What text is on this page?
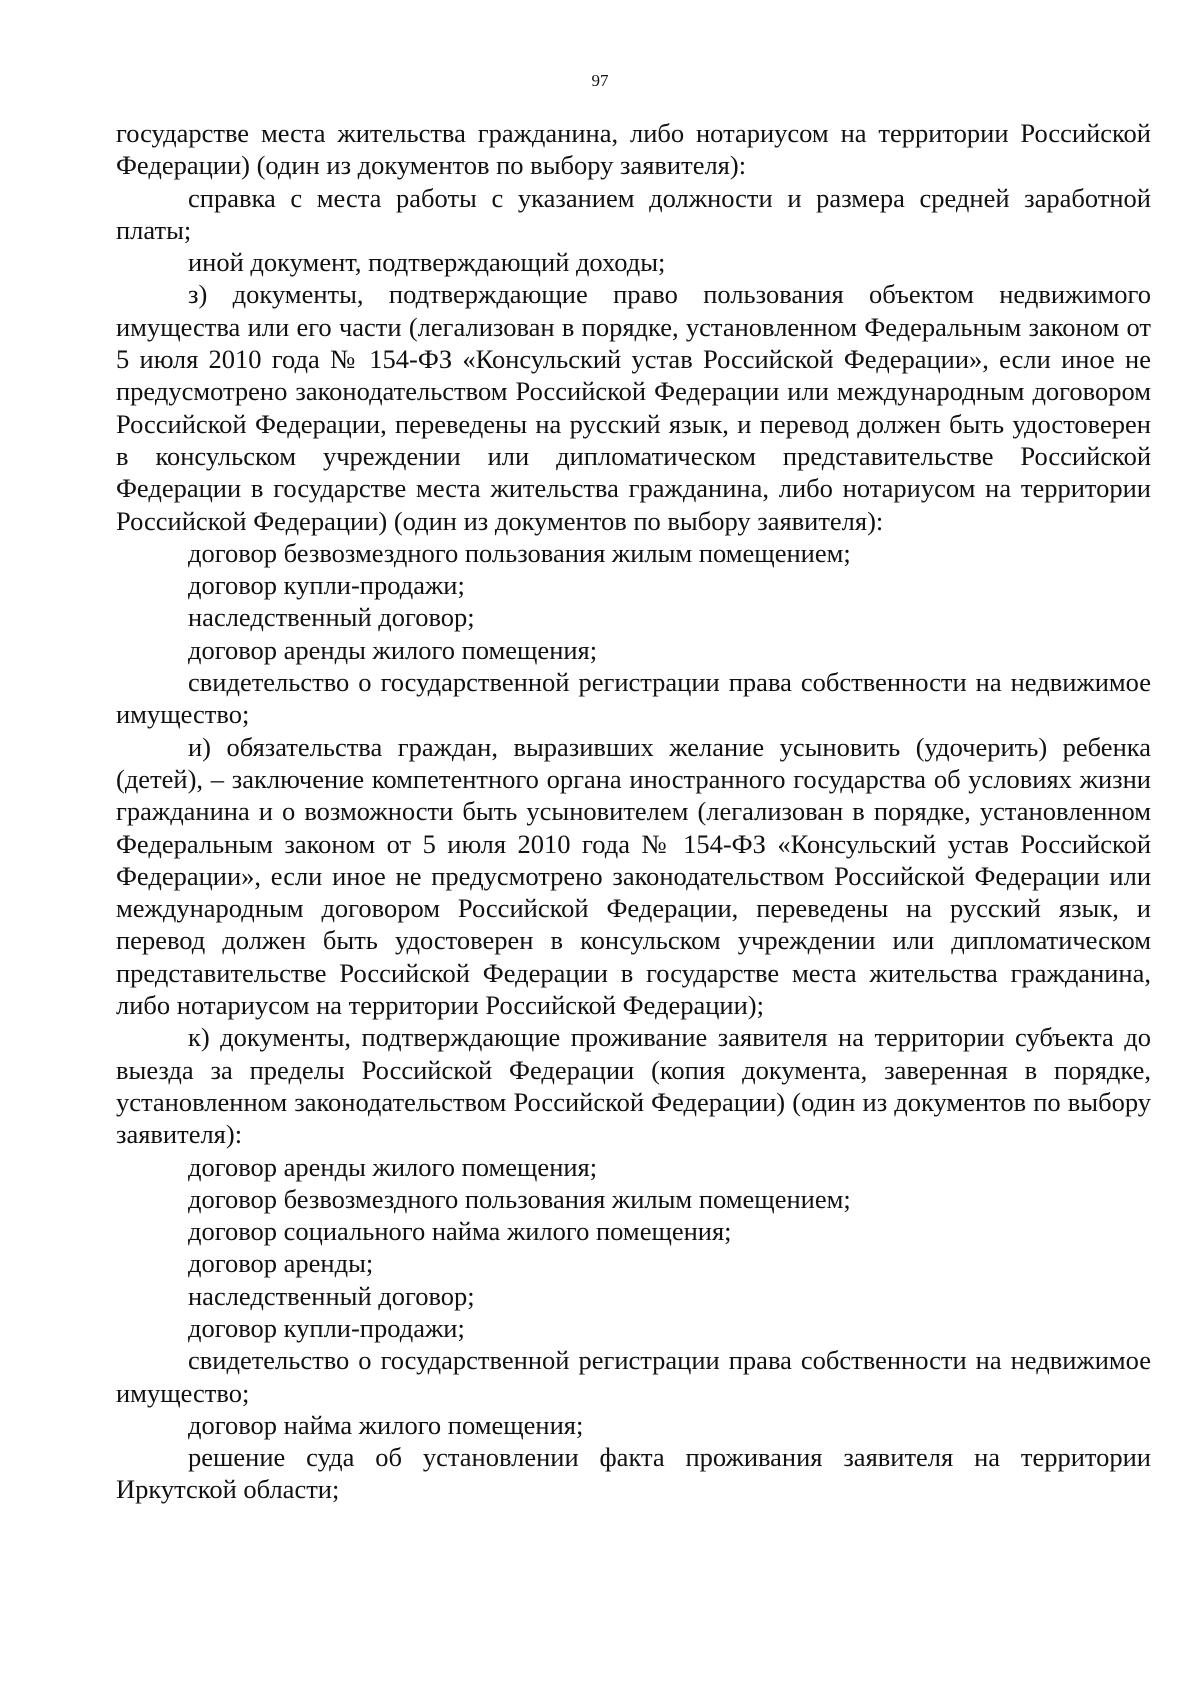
97

государстве места жительства гражданина, либо нотариусом на территории Российской Федерации) (один из документов по выбору заявителя):

справка с места работы с указанием должности и размера средней заработной платы;

иной документ, подтверждающий доходы;

з) документы, подтверждающие право пользования объектом недвижимого имущества или его части (легализован в порядке, установленном Федеральным законом от 5 июля 2010 года № 154-ФЗ «Консульский устав Российской Федерации», если иное не предусмотрено законодательством Российской Федерации или международным договором Российской Федерации, переведены на русский язык, и перевод должен быть удостоверен в консульском учреждении или дипломатическом представительстве Российской Федерации в государстве места жительства гражданина, либо нотариусом на территории Российской Федерации) (один из документов по выбору заявителя):

договор безвозмездного пользования жилым помещением;

договор купли-продажи;

наследственный договор;

договор аренды жилого помещения;

свидетельство о государственной регистрации права собственности на недвижимое имущество;

и) обязательства граждан, выразивших желание усыновить (удочерить) ребенка (детей), – заключение компетентного органа иностранного государства об условиях жизни гражданина и о возможности быть усыновителем (легализован в порядке, установленном Федеральным законом от 5 июля 2010 года № 154-ФЗ «Консульский устав Российской Федерации», если иное не предусмотрено законодательством Российской Федерации или международным договором Российской Федерации, переведены на русский язык, и перевод должен быть удостоверен в консульском учреждении или дипломатическом представительстве Российской Федерации в государстве места жительства гражданина, либо нотариусом на территории Российской Федерации);

к) документы, подтверждающие проживание заявителя на территории субъекта до выезда за пределы Российской Федерации (копия документа, заверенная в порядке, установленном законодательством Российской Федерации) (один из документов по выбору заявителя):

договор аренды жилого помещения;

договор безвозмездного пользования жилым помещением;

договор социального найма жилого помещения;

договор аренды;

наследственный договор;

договор купли-продажи;

свидетельство о государственной регистрации права собственности на недвижимое имущество;

договор найма жилого помещения;

решение суда об установлении факта проживания заявителя на территории Иркутской области;
